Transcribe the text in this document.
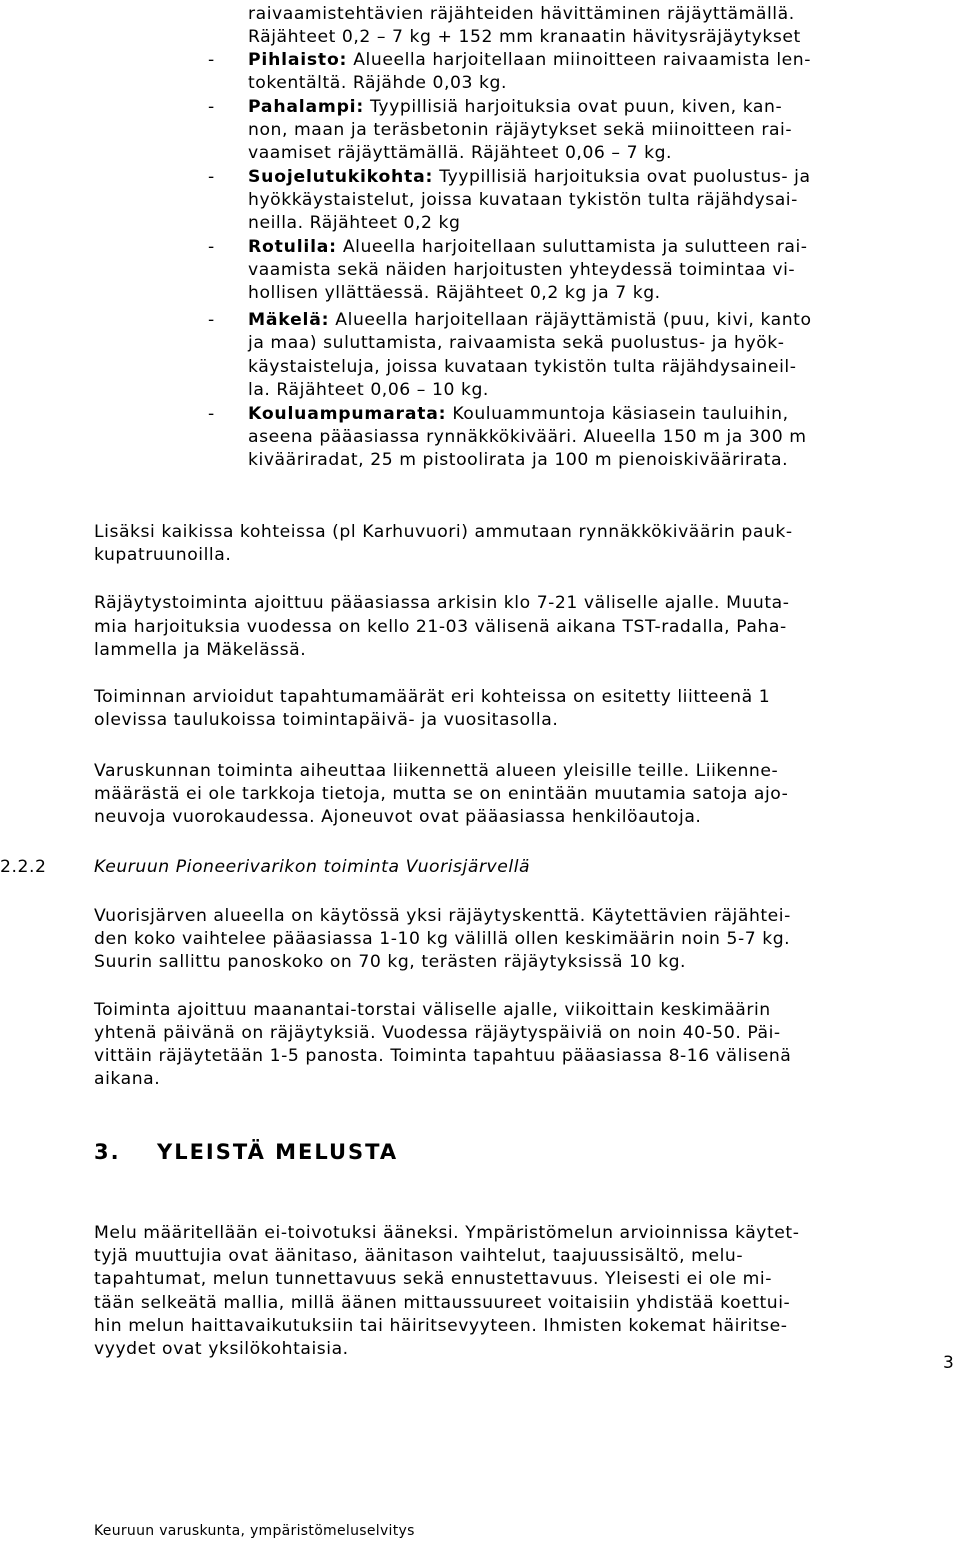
raivaamistehtävien räjähteiden hävittäminen räjäyttämällä.
Räjähteet 0,2 – 7 kg + 152 mm kranaatin hävitysräjäytykset
- Pihlaisto: Alueella harjoitellaan miinoitteen raivaamista len-
tokentältä. Räjähde 0,03 kg.
- Pahalampi: Tyypillisiä harjoituksia ovat puun, kiven, kan-
non, maan ja teräsbetonin räjäytykset sekä miinoitteen rai-
vaamiset räjäyttämällä. Räjähteet 0,06 – 7 kg.
- Suojelutukikohta: Tyypillisiä harjoituksia ovat puolustus- ja
hyökkäystaistelut, joissa kuvataan tykistön tulta räjähdysai-
neilla. Räjähteet 0,2 kg
- Rotulila: Alueella harjoitellaan suluttamista ja sulutteen rai-
vaamista sekä näiden harjoitusten yhteydessä toimintaa vi-
hollisen yllättäessä. Räjähteet 0,2 kg ja 7 kg.
- Mäkelä: Alueella harjoitellaan räjäyttämistä (puu, kivi, kanto
ja maa) suluttamista, raivaamista sekä puolustus- ja hyök-
käystaisteluja, joissa kuvataan tykistön tulta räjähdysaineil-
la. Räjähteet 0,06 – 10 kg.
- Kouluampumarata: Kouluammuntoja käsiasein tauluihin,
aseena pääasiassa rynnäkkökivääri. Alueella 150 m ja 300 m
kivääriradat, 25 m pistoolirata ja 100 m pienoiskiväärirata.
Lisäksi kaikissa kohteissa (pl Karhuvuori) ammutaan rynnäkkökiväärin pauk-
kupatruunoilla.
Räjäytystoiminta ajoittuu pääasiassa arkisin klo 7-21 väliselle ajalle. Muuta-
mia harjoituksia vuodessa on kello 21-03 välisenä aikana TST-radalla, Paha-
lammella ja Mäkelässä.
Toiminnan arvioidut tapahtumamäärät eri kohteissa on esitetty liitteenä 1
olevissa taulukoissa toimintapäivä- ja vuositasolla.
Varuskunnan toiminta aiheuttaa liikennettä alueen yleisille teille. Liikenne-
määrästä ei ole tarkkoja tietoja, mutta se on enintään muutamia satoja ajo-
neuvoja vuorokaudessa. Ajoneuvot ovat pääasiassa henkilöautoja.
2.2.2	Keuruun Pioneerivarikon toiminta Vuorisjärvellä
Vuorisjärven alueella on käytössä yksi räjäytyskenttä. Käytettävien räjähtei-
den koko vaihtelee pääasiassa 1-10 kg välillä ollen keskimäärin noin 5-7 kg.
Suurin sallittu panoskoko on 70 kg, terästen räjäytyksissä 10 kg.
Toiminta ajoittuu maanantai-torstai väliselle ajalle, viikoittain keskimäärin
yhtenä päivänä on räjäytyksiä. Vuodessa räjäytyspäiviä on noin 40-50. Päi-
vittäin räjäytetään 1-5 panosta. Toiminta tapahtuu pääasiassa 8-16 välisenä
aikana.
3. YLEISTÄ MELUSTA
Melu määritellään ei-toivotuksi ääneksi. Ympäristömelun arvioinnissa käytet-
tyjä muuttujia ovat äänitaso, äänitason vaihtelut, taajuussisältö, melu-
tapahtumat, melun tunnettavuus sekä ennustettavuus. Yleisesti ei ole mi-
tään selkeätä mallia, millä äänen mittaussuureet voitaisiin yhdistää koettui-
hin melun haittavaikutuksiin tai häiritsevyyteen. Ihmisten kokemat häiritse-
vyydet ovat yksilökohtaisia.
3
Keuruun varuskunta, ympäristömeluselvitys
